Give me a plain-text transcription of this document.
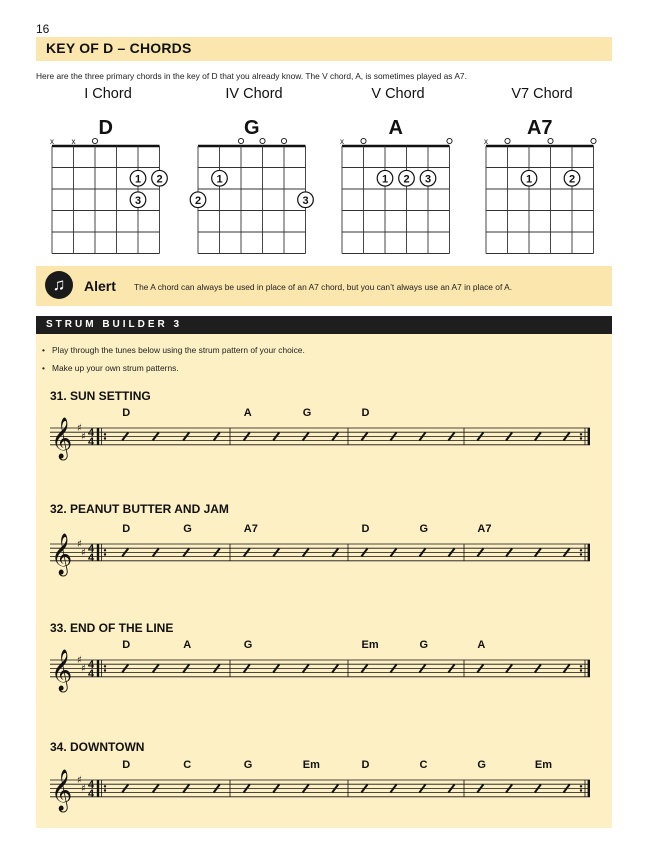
16
KEY OF D – CHORDS
Here are the three primary chords in the key of D that you already know. The V chord, A, is sometimes played as A7.
I Chord	IV Chord	V Chord	V7 Chord
D
x x
1 2
3
G
1
2	3
A
x
1 2 3
A7
x
1	2
♫	Alert The A chord can always be used in place of an A7 chord, but you can’t always use an A7 in place of A.
STRUM BUILDER 3
• Play through the tunes below using the strum pattern of your choice.
• Make up your own strum patterns.
31. SUN SETTING
𝄞 ♯
♯ 4
4
D	A	G	D
32. PEANUT BUTTER AND JAM
𝄞 ♯
♯ 4
4
D	G	A7	D	G	A7
33. END OF THE LINE
𝄞 ♯
♯ 4
4
D	A	G	Em	G	A
34. DOWNTOWN
𝄞 ♯
♯ 4
4
D	C	G	Em	D	C	G	Em
